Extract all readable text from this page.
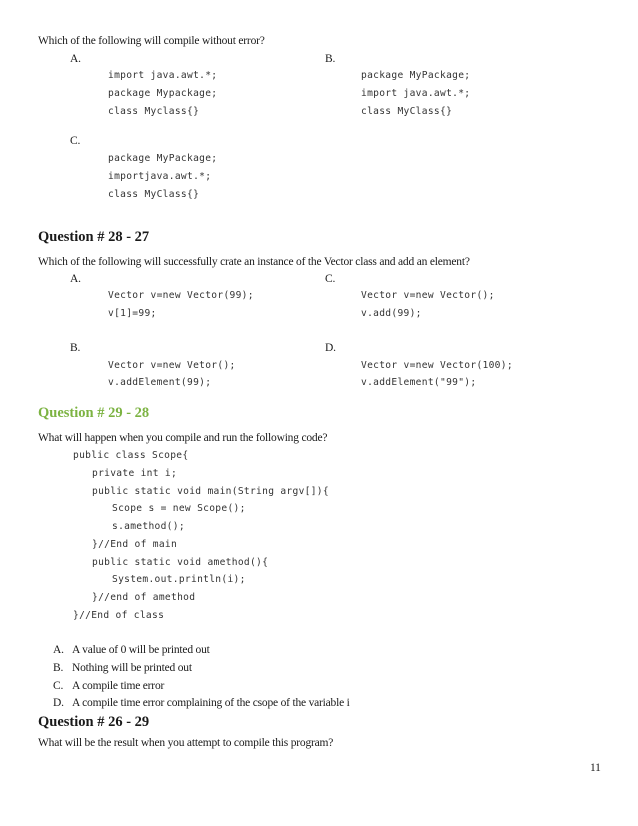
Which of the following will compile without error?
A.	B.
import java.awt.*;
package Mypackage;
class Myclass{}
package MyPackage;
import java.awt.*;
class MyClass{}
C.
package MyPackage;
importjava.awt.*;
class MyClass{}
Question # 28 - 27
Which of the following will successfully crate an instance of the Vector class and add an element?
A.	C.
Vector v=new Vector(99);
v[1]=99;
Vector v=new Vector();
v.add(99);
B.	D.
Vector v=new Vetor();
v.addElement(99);
Vector v=new Vector(100);
v.addElement("99");
Question # 29 - 28
What will happen when you compile and run the following code?
public class Scope{
private int i;
public static void main(String argv[]){
Scope s = new Scope();
s.amethod();
}//End of main
public static void amethod(){
System.out.println(i);
}//end of amethod
}//End of class
A. A value of 0 will be printed out
B. Nothing will be printed out
C. A compile time error
D. A compile time error complaining of the csope of the variable i
Question # 26 - 29
What will be the result when you attempt to compile this program?
11
